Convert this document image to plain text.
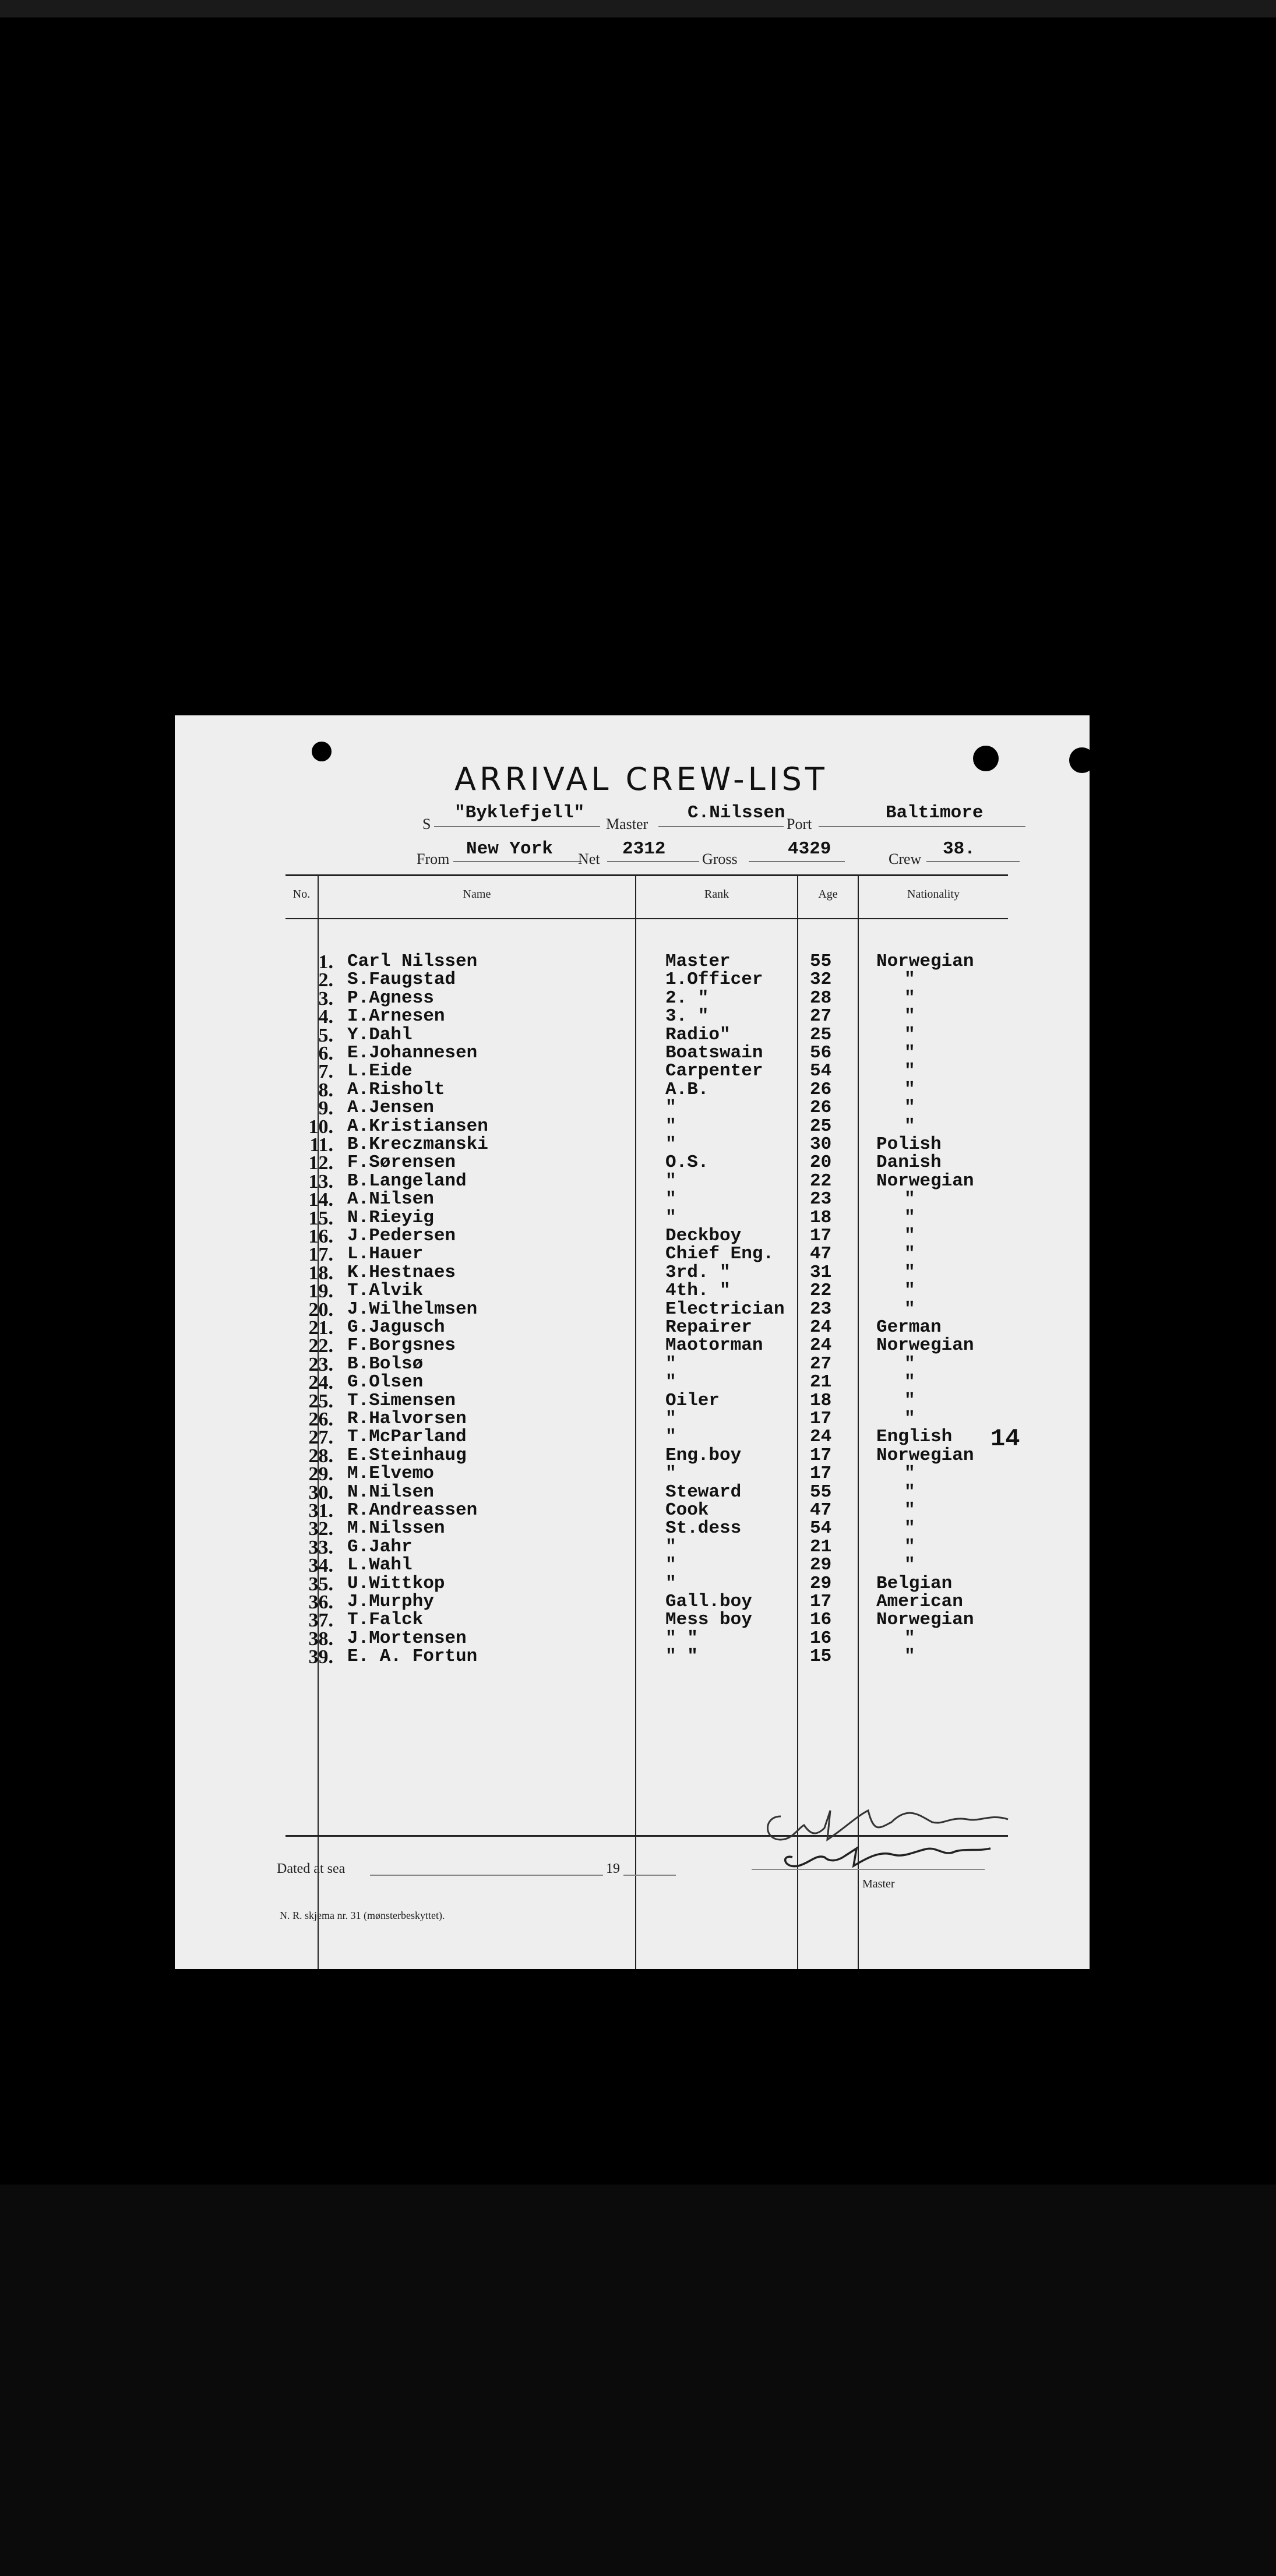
ARRIVAL CREW-LIST
S
"Byklefjell"
Master
C.Nilssen
Port
Baltimore
From New York Net 2312 Gross	4329	Crew 38.
No.	Name	Rank	Age	Nationality
1. Carl Nilssen	Master	55 Norwegian
2. S.Faugstad	1.Officer	32	"
3. P.Agness	2. "	28	"
4. I.Arnesen	3. "	27	"
5. Y.Dahl	Radio"	25	"
6. E.Johannesen	Boatswain	56	"
7. L.Eide	Carpenter	54	"
8. A.Risholt	A.B.	26	"
9. A.Jensen	"	26	"
10. A.Kristiansen	"	25	"
11. B.Kreczmanski	"	30 Polish
12. F.Sørensen	O.S.	20 Danish
13. B.Langeland	"	22 Norwegian
14. A.Nilsen	"	23	"
15. N.Rieyig	"	18	"
16. J.Pedersen	Deckboy	17	"
17. L.Hauer	Chief Eng. 47	"
18. K.Hestnaes	3rd. "	31	"
19. T.Alvik	4th. "	22	"
20. J.Wilhelmsen	Electrician 23	"
21. G.Jagusch	Repairer	24 German
22. F.Borgsnes	Maotorman	24 Norwegian
23. B.Bolsø	"	27	"
24. G.Olsen	"	21	"
25. T.Simensen	Oiler	18	"
26. R.Halvorsen	"	17	"
27. T.McParland	"	24 English
28. E.Steinhaug	Eng.boy	17 Norwegian
29. M.Elvemo	"	17	"
30. N.Nilsen	Steward	55	"
31. R.Andreassen	Cook	47	"
32. M.Nilssen	St.dess	54	"
33. G.Jahr	"	21	"
34. L.Wahl	"	29	"
35. U.Wittkop	"	29 Belgian
36. J.Murphy	Gall.boy	17 American
37. T.Falck	Mess boy	16 Norwegian
38. J.Mortensen	" "	16	"
39. E. A. Fortun	" "	15	"
14
Dated at sea	19
Master
N. R. skjema nr. 31 (mønsterbeskyttet).
